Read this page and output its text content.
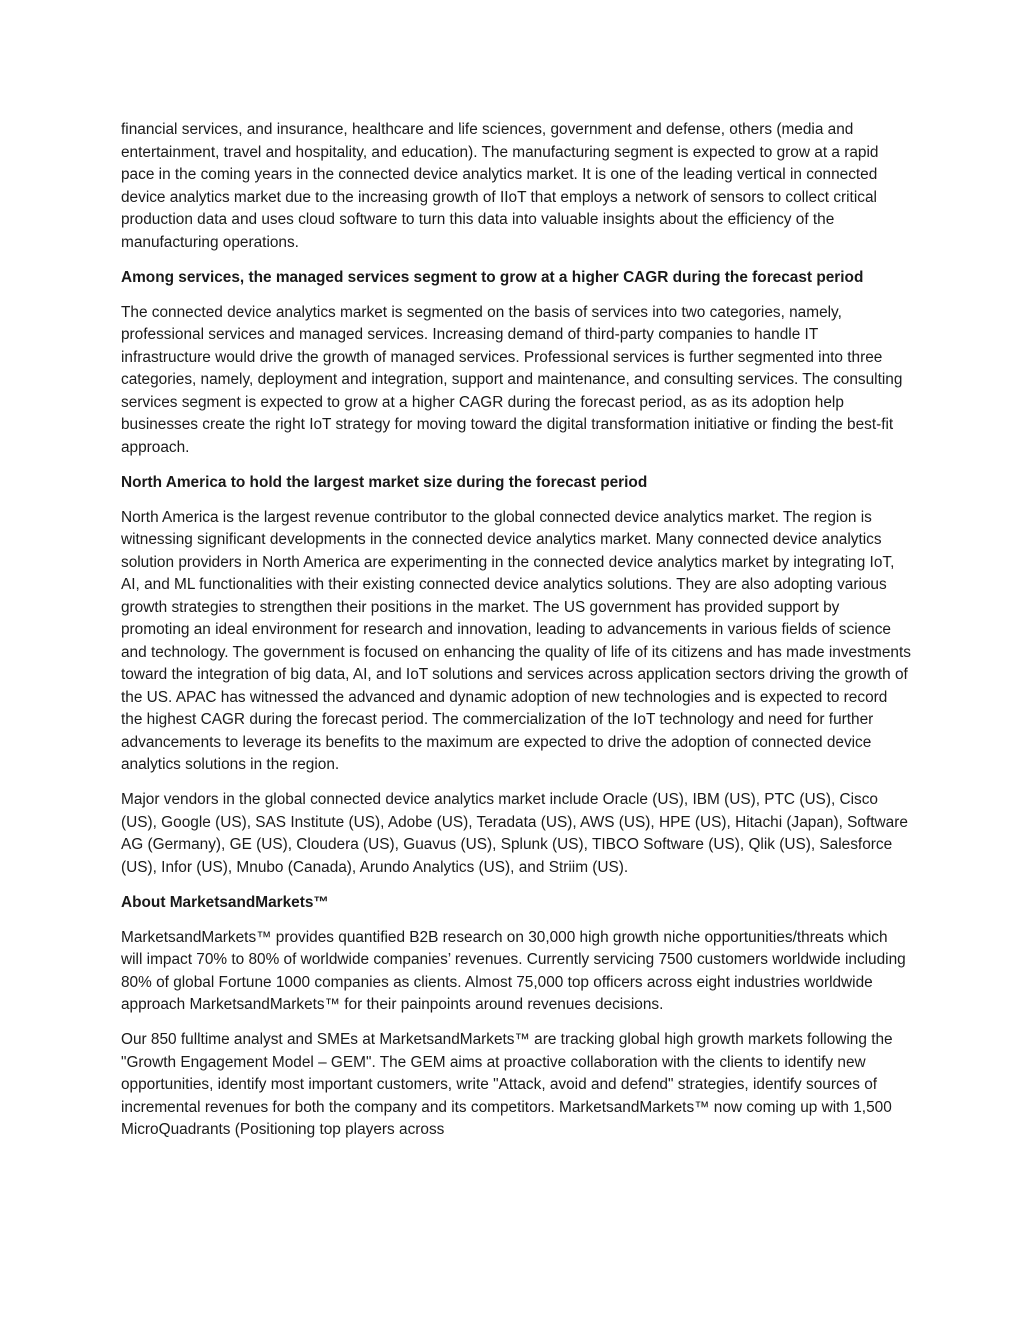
financial services, and insurance, healthcare and life sciences, government and defense, others (media and entertainment, travel and hospitality, and education). The manufacturing segment is expected to grow at a rapid pace in the coming years in the connected device analytics market. It is one of the leading vertical in connected device analytics market due to the increasing growth of IIoT that employs a network of sensors to collect critical production data and uses cloud software to turn this data into valuable insights about the efficiency of the manufacturing operations.

Among services, the managed services segment to grow at a higher CAGR during the forecast period

The connected device analytics market is segmented on the basis of services into two categories, namely, professional services and managed services. Increasing demand of third-party companies to handle IT infrastructure would drive the growth of managed services. Professional services is further segmented into three categories, namely, deployment and integration, support and maintenance, and consulting services. The consulting services segment is expected to grow at a higher CAGR during the forecast period, as as its adoption help businesses create the right IoT strategy for moving toward the digital transformation initiative or finding the best-fit approach.

North America to hold the largest market size during the forecast period

North America is the largest revenue contributor to the global connected device analytics market. The region is witnessing significant developments in the connected device analytics market. Many connected device analytics solution providers in North America are experimenting in the connected device analytics market by integrating IoT, AI, and ML functionalities with their existing connected device analytics solutions. They are also adopting various growth strategies to strengthen their positions in the market. The US government has provided support by promoting an ideal environment for research and innovation, leading to advancements in various fields of science and technology. The government is focused on enhancing the quality of life of its citizens and has made investments toward the integration of big data, AI, and IoT solutions and services across application sectors driving the growth of the US. APAC has witnessed the advanced and dynamic adoption of new technologies and is expected to record the highest CAGR during the forecast period. The commercialization of the IoT technology and need for further advancements to leverage its benefits to the maximum are expected to drive the adoption of connected device analytics solutions in the region.

Major vendors in the global connected device analytics market include Oracle (US), IBM (US), PTC (US), Cisco (US), Google (US), SAS Institute (US), Adobe (US), Teradata (US), AWS (US), HPE (US), Hitachi (Japan), Software AG (Germany), GE (US), Cloudera (US), Guavus (US), Splunk (US), TIBCO Software (US), Qlik (US), Salesforce (US), Infor (US), Mnubo (Canada), Arundo Analytics (US), and Striim (US).

About MarketsandMarkets™

MarketsandMarkets™ provides quantified B2B research on 30,000 high growth niche opportunities/threats which will impact 70% to 80% of worldwide companies’ revenues. Currently servicing 7500 customers worldwide including 80% of global Fortune 1000 companies as clients. Almost 75,000 top officers across eight industries worldwide approach MarketsandMarkets™ for their painpoints around revenues decisions.

Our 850 fulltime analyst and SMEs at MarketsandMarkets™ are tracking global high growth markets following the "Growth Engagement Model – GEM". The GEM aims at proactive collaboration with the clients to identify new opportunities, identify most important customers, write "Attack, avoid and defend" strategies, identify sources of incremental revenues for both the company and its competitors. MarketsandMarkets™ now coming up with 1,500 MicroQuadrants (Positioning top players across
